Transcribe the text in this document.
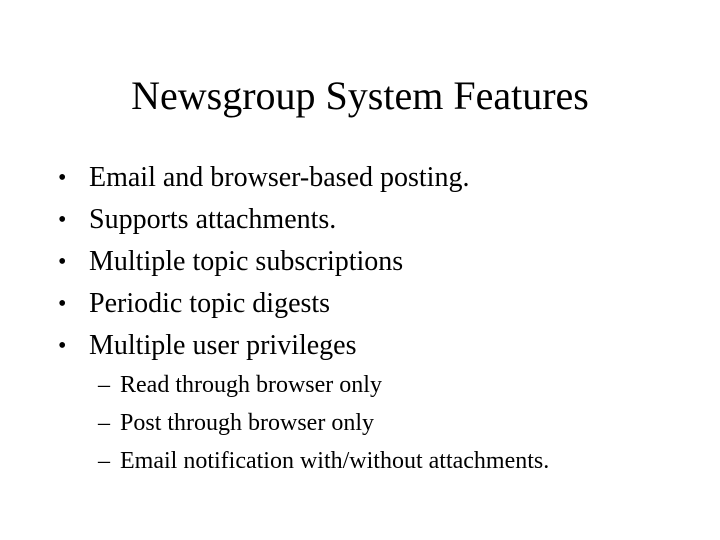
Newsgroup System Features
• Email and browser-based posting.
• Supports attachments.
• Multiple topic subscriptions
• Periodic topic digests
• Multiple user privileges
– Read through browser only
– Post through browser only
– Email notification with/without attachments.
